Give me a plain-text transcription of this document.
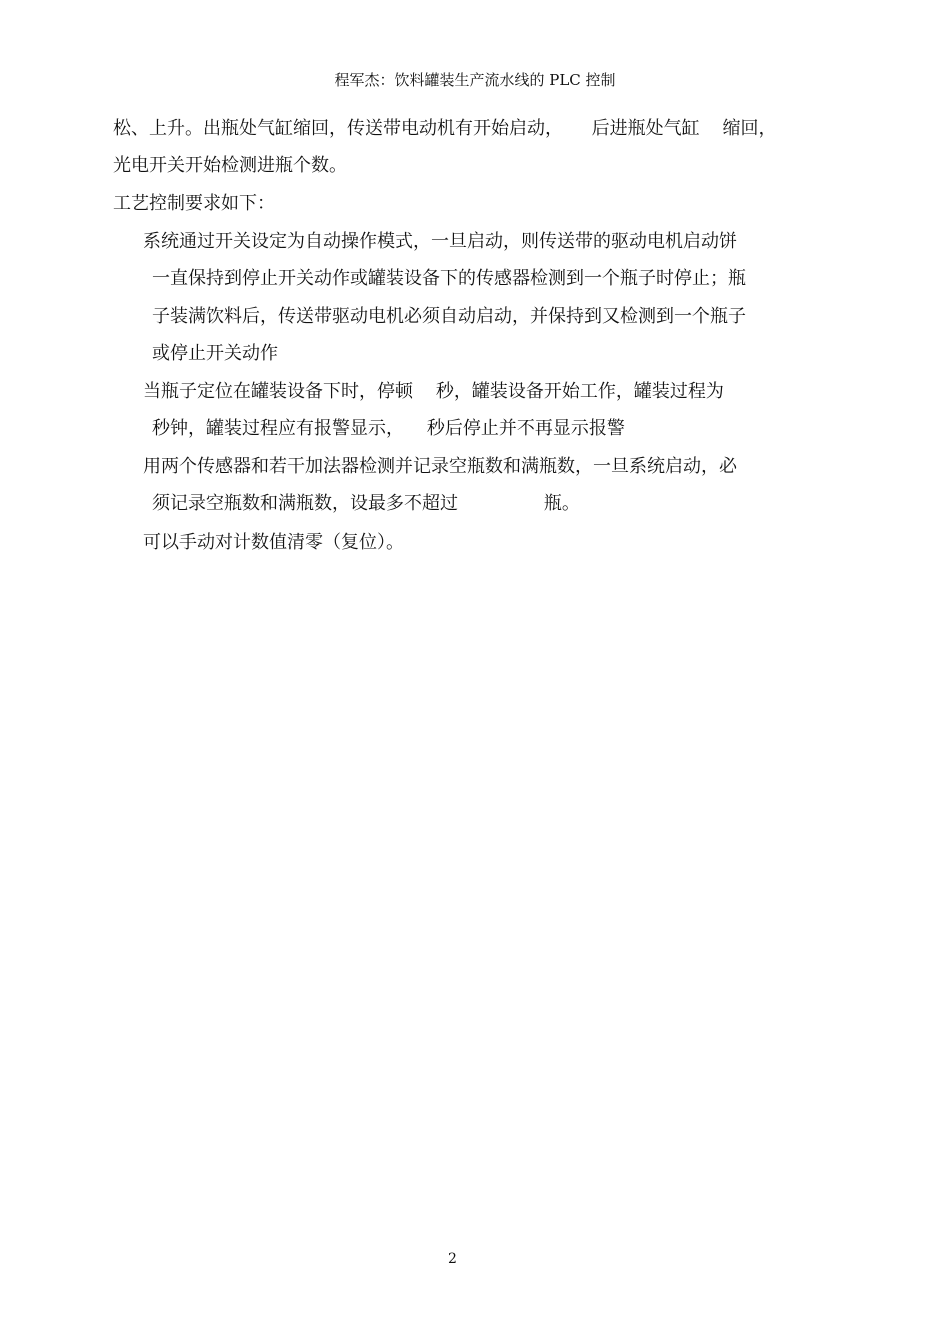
程军杰：饮料罐装生产流水线的 PLC 控制
松、上升。出瓶处气缸缩回，传送带电动机有开始启动，     后进瓶处气缸    缩回，
光电开关开始检测进瓶个数。
工艺控制要求如下：
系统通过开关设定为自动操作模式，一旦启动，则传送带的驱动电机启动饼
一直保持到停止开关动作或罐装设备下的传感器检测到一个瓶子时停止；瓶
子装满饮料后，传送带驱动电机必须自动启动，并保持到又检测到一个瓶子
或停止开关动作
当瓶子定位在罐装设备下时，停顿    秒，罐装设备开始工作，罐装过程为
秒钟，罐装过程应有报警显示，    秒后停止并不再显示报警
用两个传感器和若干加法器检测并记录空瓶数和满瓶数，一旦系统启动，必
须记录空瓶数和满瓶数，设最多不超过               瓶。
可以手动对计数值清零（复位）。
2
